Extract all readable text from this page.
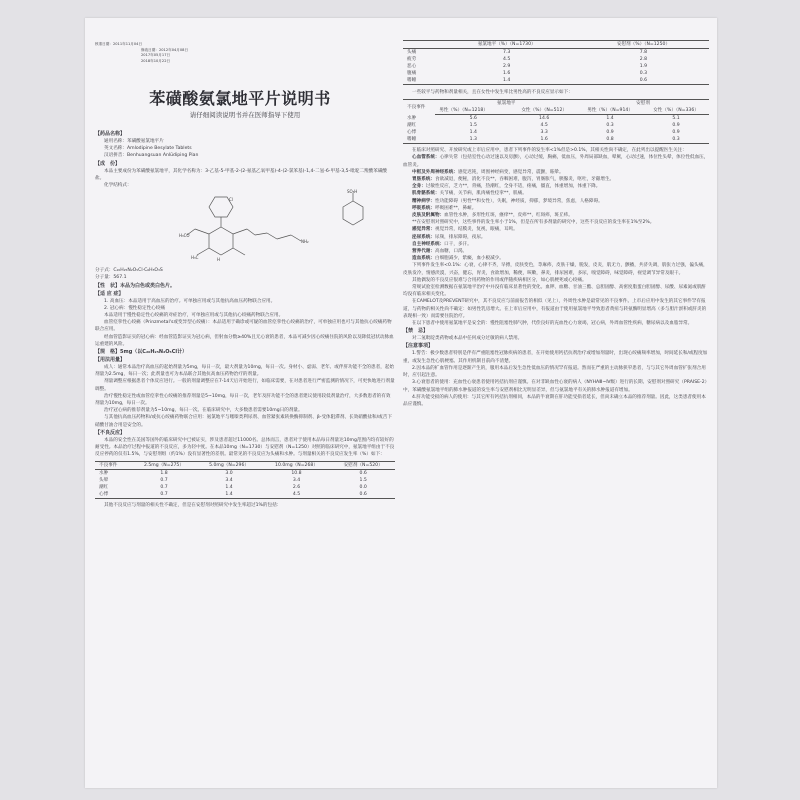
核准日期：2011年11月04日
修改日期：2012年04月08日
2017年05月17日
2018年10月22日
苯磺酸氨氯地平片说明书
请仔细阅读说明书并在医师指导下使用

【药品名称】

通用名称：苯磺酸氨氯地平片

英文名称：Amlodipine Besylate Tablets

汉语拼音：Benhuangsuan Anlüdiping Pian

【成　份】

本品主要成份为苯磺酸氨氯地平，其化学名称为：3-乙基-5-甲基-2-(2-氨基乙氧甲基)-4-(2-氯苯基)-1,4-二氢-6-甲基-3,5-吡啶二羧酸苯磺酸盐。

化学结构式：

Cl
H₃CO
NH₂
H
H₃C
SO₃H

分子式：C₂₀H₂₅N₂O₅Cl·C₆H₅O₃S

分子量：567.1

【性　状】本品为白色或类白色片。

【适 应 症】

1. 高血压：本品适用于高血压的治疗。可单独应用或与其他抗高血压药物联合应用。

2. 冠心病：慢性稳定性心绞痛

本品适用于慢性稳定性心绞痛的对症治疗，可单独应用或与其他抗心绞痛药物联合应用。

血管痉挛性心绞痛（Prinzmetal's或变异型心绞痛）：本品适用于确诊或可疑的血管痉挛性心绞痛的治疗，可单独应用也可与其他抗心绞痛药物联合应用。

经血管造影证实的冠心病：经血管造影证实为冠心病，但射血分数≥40%且无心衰的患者，本品可减少因心绞痛住院的风险以及降低冠状动脉血运重建的风险。

【规　格】5mg（以C₂₀H₂₅N₂O₅Cl计）

【用法用量】

成人：通常本品治疗高血压的起始剂量为5mg，每日一次，最大剂量为10mg，每日一次。身材小、虚弱、老年、或伴肝功能不全的患者，起始剂量为2.5mg，每日一次；此剂量也可为本品联合其他抗高血压药物治疗的剂量。

剂量调整应根据患者个体反应进行。一般的剂量调整应在7-14天后开始进行，如临床需要，在对患者进行严密监测的情况下，可更快地进行剂量调整。

治疗慢性稳定性或血管痉挛性心绞痛的推荐剂量是5~10mg，每日一次，老年及肝功能不全的患者建议使用较低剂量治疗，大多数患者的有效剂量为10mg，每日一次。

治疗冠心病的推荐剂量为5~10mg，每日一次。在临床研究中，大多数患者需要10mg日的剂量。

与其他抗高血压药物和/或抗心绞痛药物联合应用：氨氯地平与噻嗪类利尿剂、血管紧张素转换酶抑制剂、β-受体阻滞剂、长效硝酸盐和/或舌下硝酸甘油合用是安全的。

【不良反应】

本品的安全性在美国等国外的临床研究中已被证实，涉及患者超过11000名。总体而言，患者对于使用本品每日剂量达10mg范围内均有较好的耐受性。本品治疗过程中报道的不良反应，多为轻中度。在本品10mg（N=1730）与安慰剂（N=1250）对照的临床研究中，氨氯地平组由于不良反应停药的仅有1.5%，与安慰剂组（约1%）没有显著性的差别。最常见的不良反应为头痛和水肿。与剂量相关的不良反应发生率（%）如下：

不良事件	2.5mg（N=275）	5.0mg（N=296）	10.0mg（N=268）	安慰剂（N=520）
水肿	1.8	3.0	10.8	0.6
头晕	0.7	3.4	3.4	1.5
潮红	0.7	1.4	2.6	0.0
心悸	0.7	1.4	4.5	0.6

其他不良反应与剂量的相关性不确定，但是在安慰剂对照研究中发生率超过1%的包括：

	氨氯地平（%）（N=1730）	安慰剂（%）（N=1250）
头痛	7.3	7.8
疲劳	4.5	2.8
恶心	2.9	1.9
腹痛	1.6	0.3
嗜睡	1.4	0.6

一些较平与药物和剂量相关，且在女性中发生率比男性高的不良反应显示如下：

不良事件	氨氯地平		安慰剂	
	男性（%）（N=1218）	女性（%）（N=512）	男性（%）（N=914）	女性（%）（N=336）
水肿	5.6	14.6	1.4	5.1
潮红	1.5	4.5	0.3	0.9
心悸	1.4	3.3	0.9	0.9
嗜睡	1.3	1.6	0.8	0.3

在临床对照研究、开放研究或上市后应用中，患者下列事件的发生率<1%但是>0.1%，其相关性尚不确定，在此列出以提醒医生关注：

心血管系统：心律失常（包括室性心动过速以及房颤），心动过缓，胸痛，低血压，外周局部缺血，晕厥，心动过速，体位性头晕，体位性低血压，血管炎。

中枢及外周神经系统：感觉迟钝，周围神经病变，感觉异常，震颤，眩晕。

胃肠系统：食欲减退，便秘，消化不良**，吞咽困难，腹泻，胃肠胀气，胰腺炎，呕吐，牙龈增生。

全身：过敏性反应，乏力**，背痛，热潮红，全身不适，疼痛，僵直，体重增加，体重下降。

肌骨骼系统：关节痛，关节病，肌肉痛性痉挛**，肌痛。

精神病学：性功能障碍（男性**和女性），失眠，神经质，抑郁，梦境异常，焦虑，人格障碍。

呼吸系统：呼吸困难**，鼻衄。

皮肤及附属物：血管性水肿，多形性红斑，瘙痒**，皮疹**，红斑疹，斑丘疹。

**在安慰剂对照研究中，这些事件的发生率小于1%，但是在所有多剂量的研究中，这些不良反应的发生率在1%至2%。

感觉异常：视觉异常，结膜炎，复视，眼痛，耳鸣。

泌尿系统：尿频，排尿障碍，夜尿。

自主神经系统：口干，多汗。

营养代谢：高血糖，口渴。

造血系统：白细胞减少，紫癜，血小板减少。

下列事件发生率<0.1%：心衰，心律不齐，早搏，皮肤变色，荨麻疹，皮肤干燥，脱发，皮炎，肌无力，颤搐，共济失调，肌张力过强，偏头痛，皮肤发冷，情感淡漠，兴奋，健忘，胃炎，食欲增加，稀便，咳嗽，鼻炎，排尿困难，多尿，嗅觉障碍，味觉障碍，视觉调节异常及眼干。

其他偶发的不良反应很难与合用药物的作用或伴随疾病相区分，如心肌梗死或心绞痛。

常规试验室检测数据在氨氯地平治疗中并没有临床显著性的变化。血钾、血糖、甘油三酯、总胆固醇、高密度脂蛋白胆固醇、尿酸、尿素氮或肌酐均没有临床相关变化。

在CAMELOT及PREVENT研究中，其不良反应与前面报告的相似（见上），外周性水肿是最常见的不良事件。上市后应用中发生的其它事件罕有报道，与药物的相关性尚不确定：如男性乳房增大。在上市后应用中，有报道由于使用氨氯地平导致患者黄疸与转氨酶明显增高（多与胆汁淤积或肝炎的表现相一致）而需要住院治疗。

在以下患者中使用氨氯地平是安全的：慢性阻塞性肺气肿，代偿良好的充血性心力衰竭，冠心病，外周血管性疾病，糖尿病以及血脂异常。

【禁　忌】

对二氢吡啶类药物或本品中任何成分过敏的病人禁用。

【注意事项】

1.警告：极少数患者特别是伴有严重阻塞性冠脉疾病的患者，在开始使用钙拮抗剂治疗或增加剂量时，出现心绞痛频率增加，时间延长和/或程度加重，或发生急性心肌梗塞。其作用机制目前尚不清楚。

2.因本品的扩血管作用是逐渐产生的，服用本品后发生急性低血压的情况罕有报道。然而在严重的主动脉狭窄患者，与与其它外周血管扩张剂合用时，应引起注意。

3.心衰患者的使用：充血性心衰患者使用钙拮抗剂应谨慎。在对非缺血性心衰的病人（NYHAⅢ~Ⅳ级）进行的长期、安慰剂对照研究（PRAISE-2）中，苯磺酸氨氯地平组的肺水肿报道的发生率与安慰剂相比无明显差异，但与氨氯地平有关的肺水肿报道有增加。

4.肝功能受损的病人的使用：与其它所有钙拮抗剂相同，本品的半衰期在肝功能受损者延长，但尚未确立本品的推荐剂量。因此，这类患者使用本品应谨慎。
